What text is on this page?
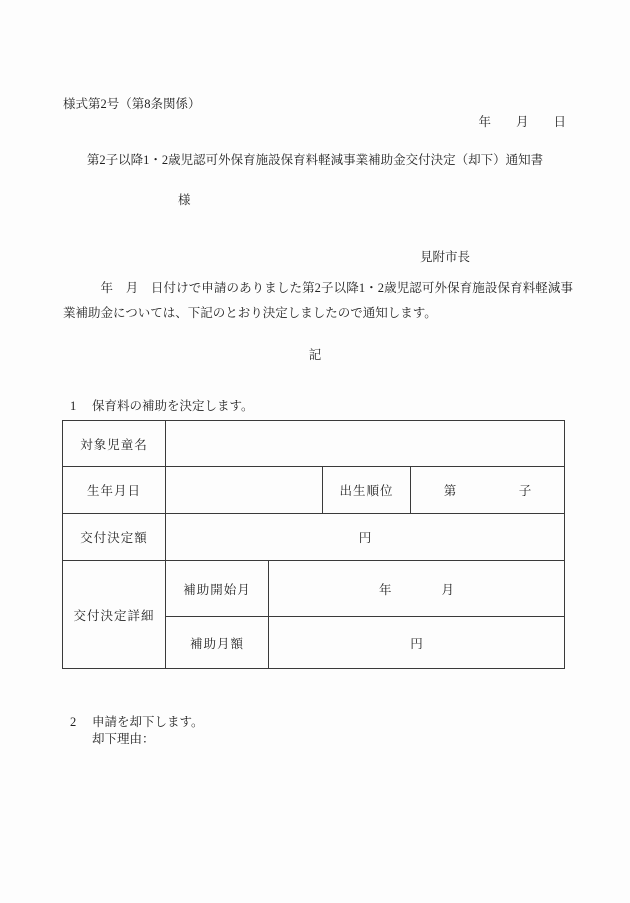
様式第2号（第8条関係）
年　　月　　日
第2子以降1・2歳児認可外保育施設保育料軽減事業補助金交付決定（却下）通知書
様
見附市長

年　月　日付けで申請のありました第2子以降1・2歳児認可外保育施設保育料軽減事業補助金については、下記のとおり決定しましたので通知します。

記
1	保育料の補助を決定します。
対象児童名				
生年月日			出生順位	第　　　　　子
交付決定額	円			
交付決定詳細	補助開始月	年　　　　月		
	補助月額	円		
2	申請を却下します。
却下理由：
